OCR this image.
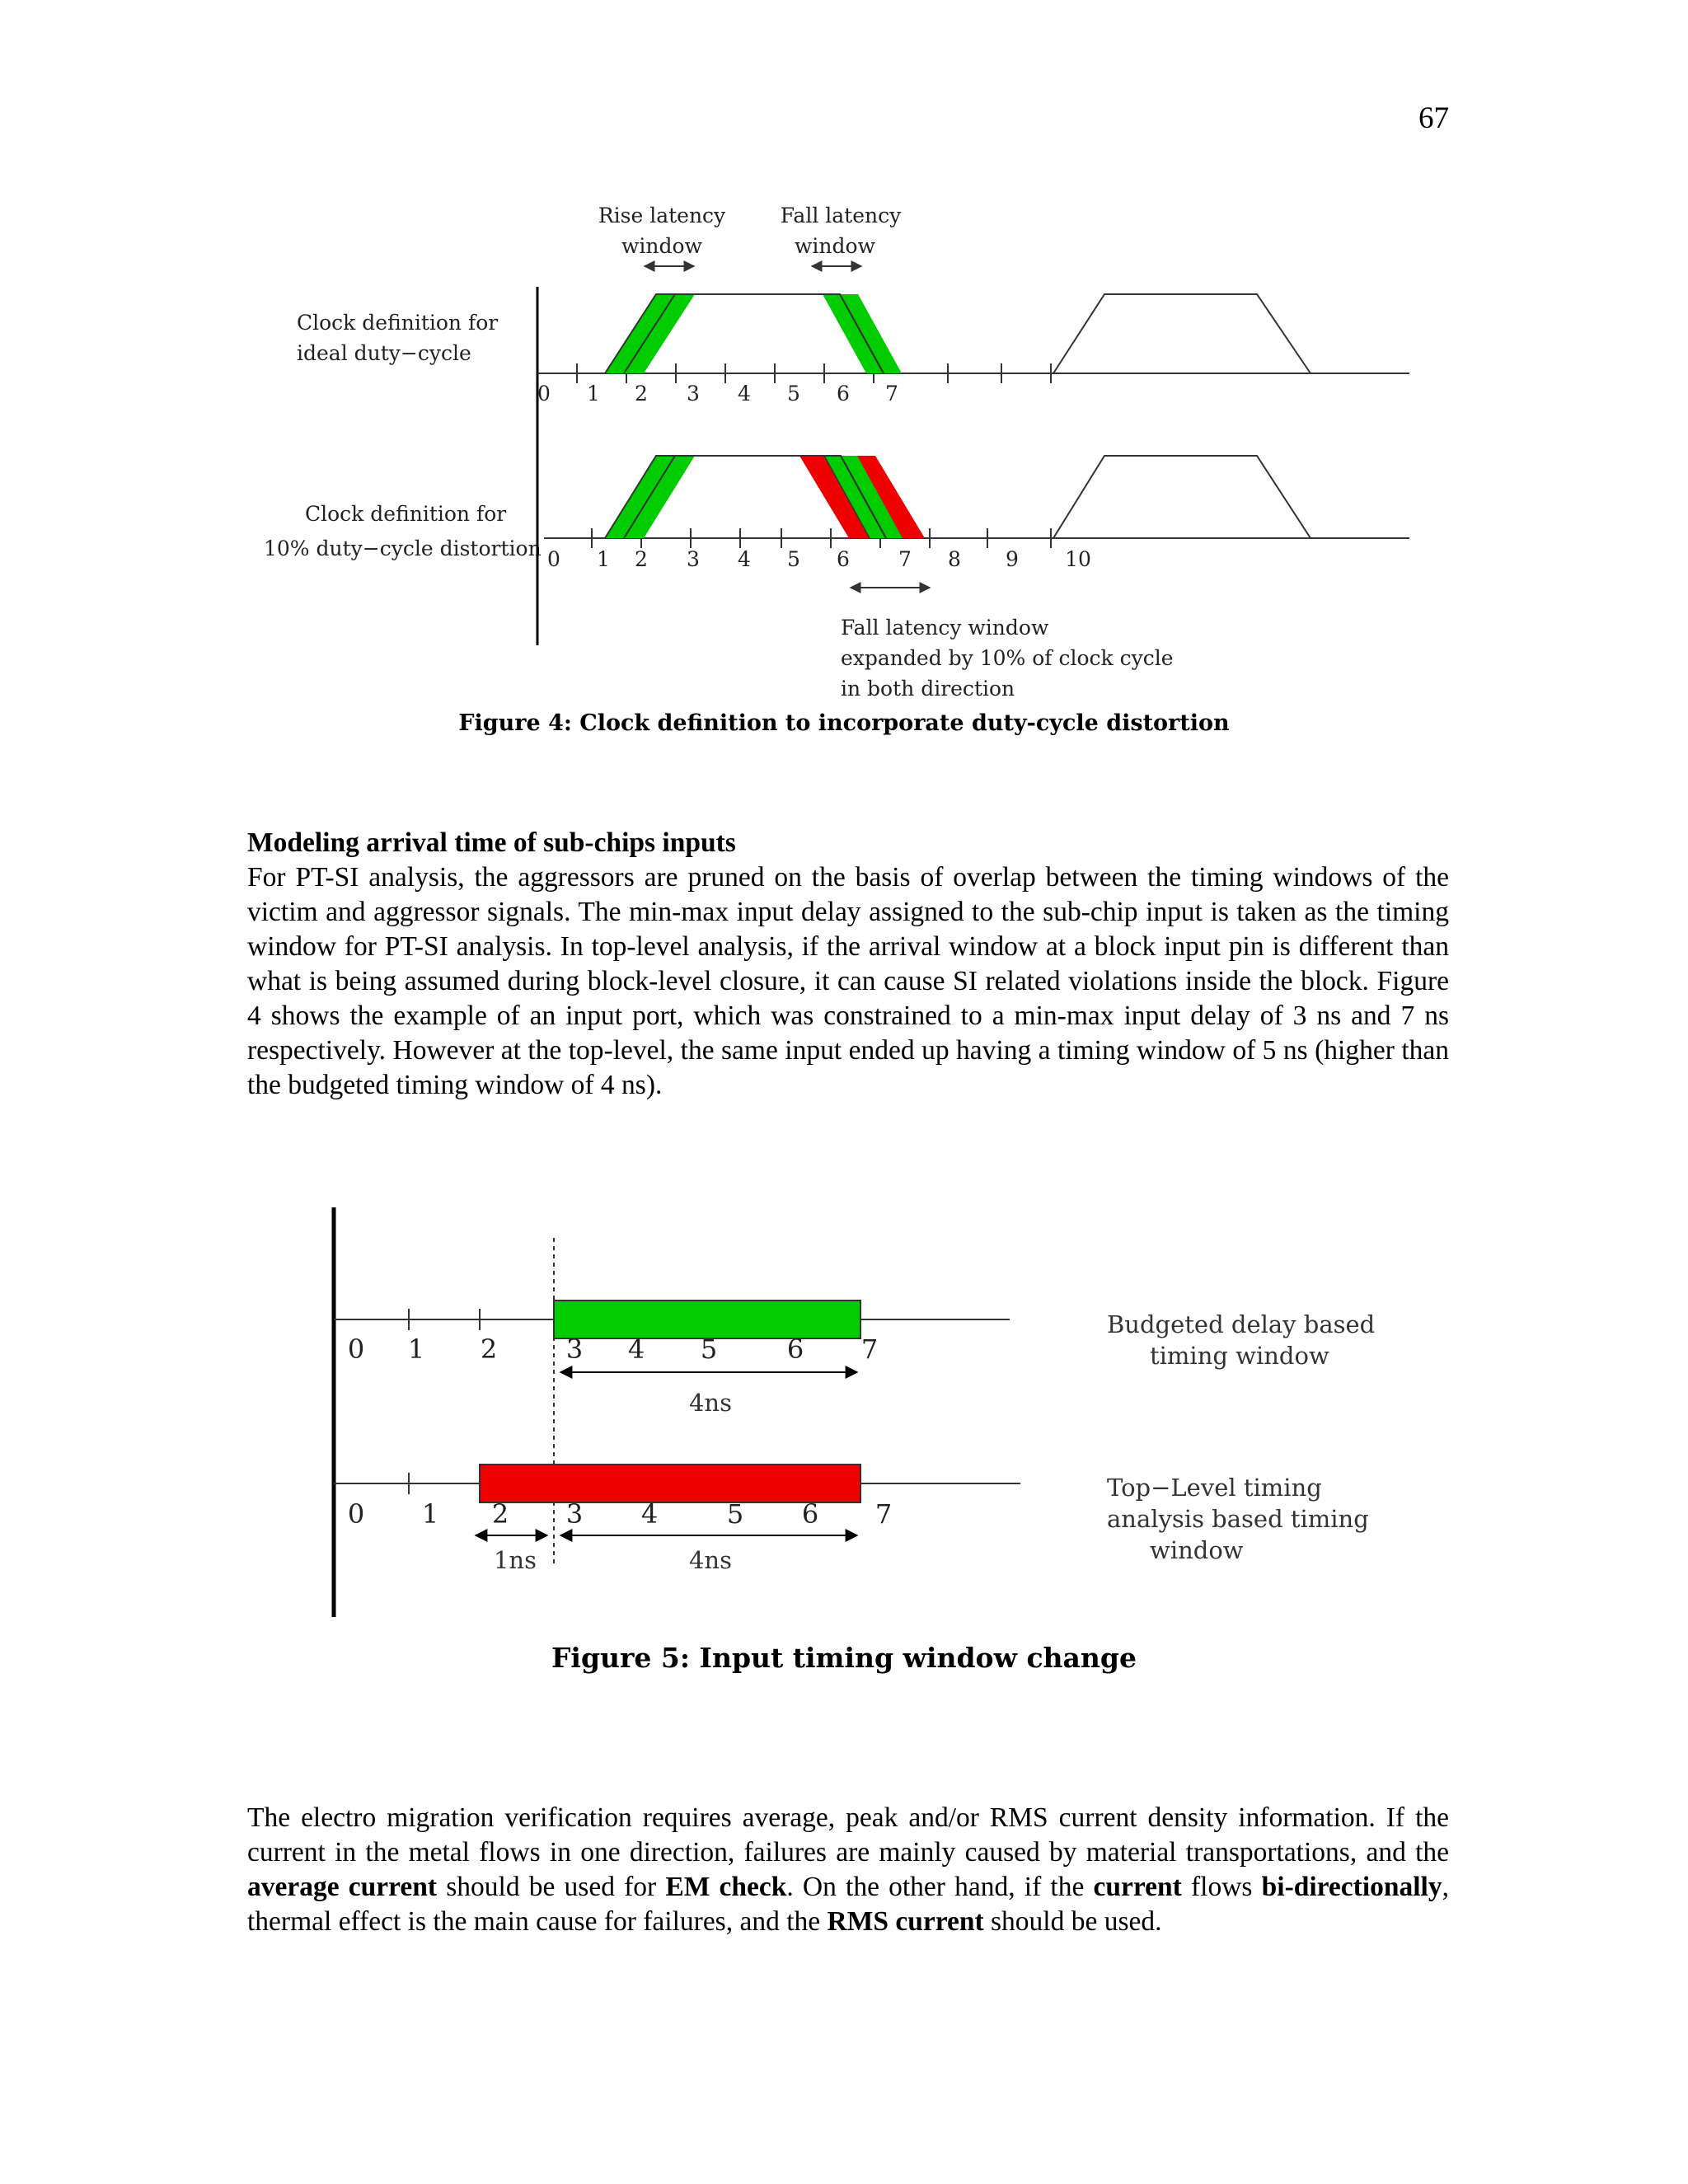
67
Rise latency
window
Fall latency
window
Clock definition for
ideal duty−cycle
Clock definition for
10% duty−cycle distortion
0 1 2 3 4 5 6 7
0 1 2 3 4 5 6 7 8 9 10
Fall latency window
expanded by 10% of clock cycle
in both direction
Figure 4: Clock definition to incorporate duty-cycle distortion
Modeling arrival time of sub-chips inputs
For PT-SI analysis, the aggressors are pruned on the basis of overlap between the timing windows of the victim and aggressor signals. The min-max input delay assigned to the sub-chip input is taken as the timing window for PT-SI analysis. In top-level analysis, if the arrival window at a block input pin is different than what is being assumed during block-level closure, it can cause SI related violations inside the block. Figure 4 shows the example of an input port, which was constrained to a min-max input delay of 3 ns and 7 ns respectively. However at the top-level, the same input ended up having a timing window of 5 ns (higher than the budgeted timing window of 4 ns).
0 1 2	3 4 5	6 7
4ns
0 1 2 3 4	5 6 7
1ns	4ns
Budgeted delay based
timing window
Top−Level timing
analysis based timing
window
Figure 5: Input timing window change
The electro migration verification requires average, peak and/or RMS current density information. If the current in the metal flows in one direction, failures are mainly caused by material transportations, and the average current should be used for EM check. On the other hand, if the current flows bi-directionally, thermal effect is the main cause for failures, and the RMS current should be used.
